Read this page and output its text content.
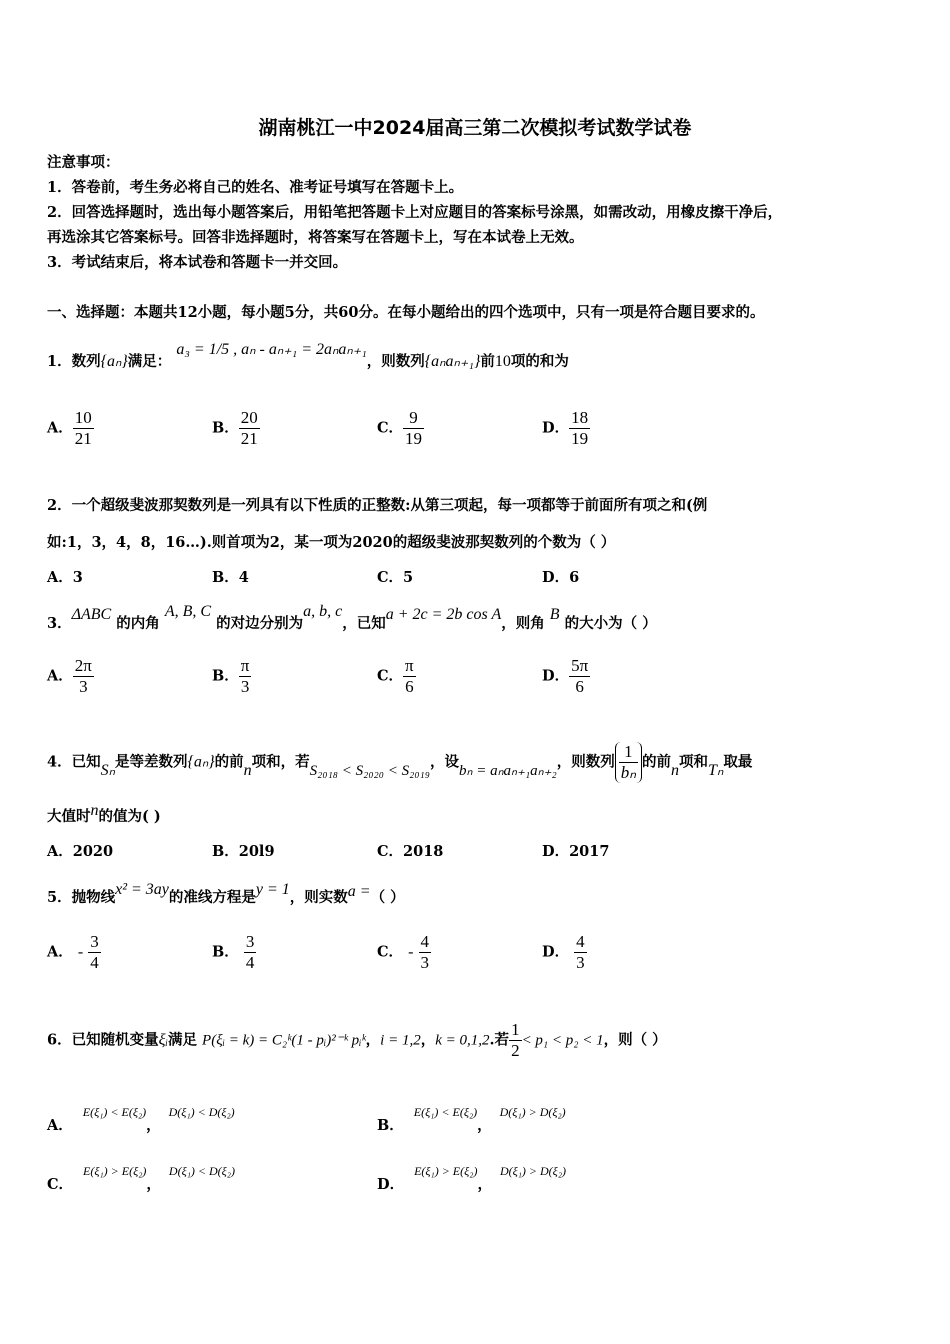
湖南桃江一中2024届高三第二次模拟考试数学试卷
注意事项：
1．答卷前，考生务必将自己的姓名、准考证号填写在答题卡上。
2．回答选择题时，选出每小题答案后，用铅笔把答题卡上对应题目的答案标号涂黑，如需改动，用橡皮擦干净后，
再选涂其它答案标号。回答非选择题时，将答案写在答题卡上，写在本试卷上无效。
3．考试结束后，将本试卷和答题卡一并交回。
一、选择题：本题共12小题，每小题5分，共60分。在每小题给出的四个选项中，只有一项是符合题目要求的。
1．数列{aₙ}满足： a₃ = 1/5 , aₙ - aₙ₊₁ = 2aₙaₙ₊₁，则数列{aₙaₙ₊₁}前10项的和为
A． $\frac{10}{21}$	B． $\frac{20}{21}$	C． $\frac{9}{19}$	D． $\frac{18}{19}$
2．一个超级斐波那契数列是一列具有以下性质的正整数:从第三项起，每一项都等于前面所有项之和(例
如:1，3，4，8，16…).则首项为2，某一项为2020的超级斐波那契数列的个数为（ ）
A．3	B．4	C．5	D．6
3．ΔABC 的内角 A, B, C 的对边分别为a, b, c，已知a + 2c = 2b cos A，则角 B 的大小为（ ）
A． $\frac{2\pi}{3}$	B． $\frac{\pi}{3}$	C． $\frac{\pi}{6}$	D． $\frac{5\pi}{6}$
4．已知Sₙ是等差数列{aₙ}的前n项和，若S₂₀₁₈ < S₂₀₂₀ < S₂₀₁₉，设bₙ = aₙaₙ₊₁aₙ₊₂，则数列 $\frac{1}{\text{bₙ}}$ 的前n项和Tₙ取最
大值时n的值为( )
A．2020	B．20l9	C．2018	D．2017
5．抛物线x² = 3ay的准线方程是y = 1，则实数a =（ ）
A． - $\frac{3}{4}$	B． $\frac{3}{4}$	C． - $\frac{4}{3}$	D． $\frac{4}{3}$
6．已知随机变量ξᵢ满足 P(ξᵢ = k) = C₂ᵏ(1 - pᵢ)²⁻ᵏ pᵢᵏ，i = 1,2，k = 0,1,2.若 $\frac{1}{2} < p_1 < p_2 < 1$，则（ ）
A．E(ξ₁) < E(ξ₂)，D(ξ₁) < D(ξ₂)
B．E(ξ₁) < E(ξ₂)，D(ξ₁) > D(ξ₂)
C．E(ξ₁) > E(ξ₂)，D(ξ₁) < D(ξ₂)
D．E(ξ₁) > E(ξ₂)，D(ξ₁) > D(ξ₂)
